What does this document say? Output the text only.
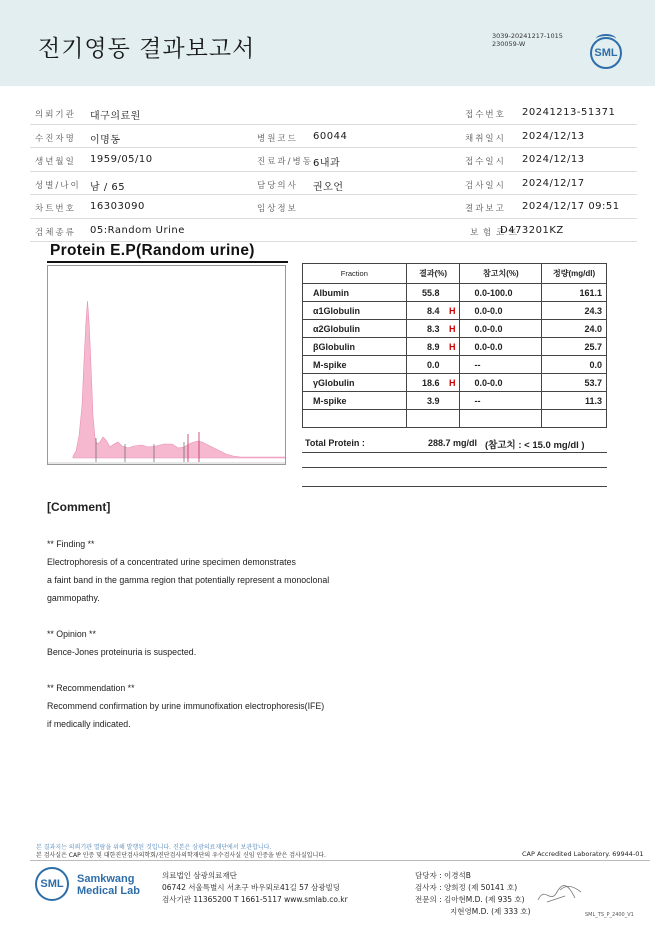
전기영동 결과보고서	3039-20241217-1015
230059-W
SML
의뢰기관 대구의료원	접수번호 20241213-51371
수진자명 이명동	병원코드 60044	채취일시 2024/12/13
생년월일 1959/05/10	진료과/병동 6내과	접수일시 2024/12/13
성별/나이 남 / 65	담당의사 권오언	검사일시 2024/12/17
차트번호 16303090	임상정보	결과보고 2024/12/17 09:51
검체종류 05:Random Urine	보 험 코 드
D473201KZ
Protein E.P(Random urine)
Fraction	결과(%)	참고치(%)	정량(mg/dl)
Albumin	55.8	0.0-100.0	161.1
α1Globulin	8.4 H	0.0-0.0	24.3
α2Globulin	8.3 H	0.0-0.0	24.0
βGlobulin	8.9 H	0.0-0.0	25.7
M-spike	0.0	--	0.0
γGlobulin	18.6 H	0.0-0.0	53.7
M-spike	3.9	--	11.3

Total Protein :	288.7 mg/dl (참고치 : < 15.0 mg/dl )
[Comment]
** Finding **
Electrophoresis of a concentrated urine specimen demonstrates
a faint band in the gamma region that potentially represent a monoclonal
gammopathy.
** Opinion **
Bence-Jones proteinuria is suspected.
** Recommendation **
Recommend confirmation by urine immunofixation electrophoresis(IFE)
if medically indicated.
본 결과지는 의뢰기관 열람을 위해 발행된 것입니다. 진본은 삼광의료재단에서 보관합니다.
본 검사실은 CAP 인증 및 대한진단검사의학회/진단검사의학재단의 우수검사실 신임 인증을 받은 검사실입니다.	CAP Accredited Laboratory. 69944-01
SML	Samkwang
Medical Lab
의료법인 삼광의료재단
06742 서울특별시 서초구 바우뫼로41길 57 삼광빌딩
검사기관 11365200 T 1661-5117 www.smlab.co.kr
담당자 : 이경석B
검사자 : 양희정 (제 50141 호)
전문의 : 김아현M.D. (제 935 호)
지현영M.D. (제 333 호)	SML_TS_P_2400_V1
